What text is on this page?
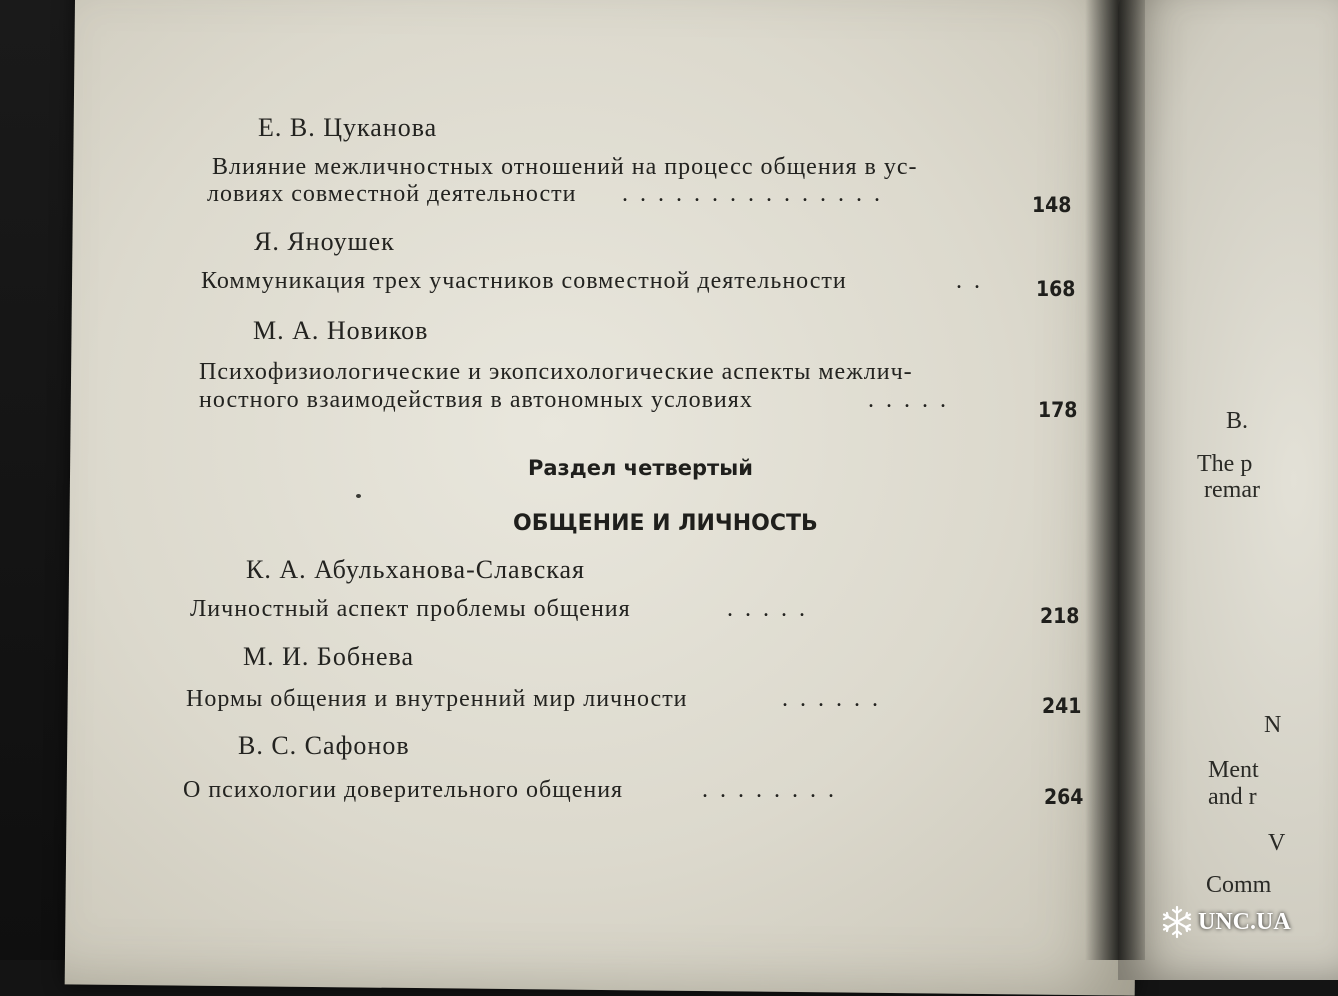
Е. В. Цуканова
Влияние межличностных отношений на процесс общения в ус-
ловиях совместной деятельности ...............	148
Я. Яноушек
Коммуникация трех участников совместной деятельности	.. 168
М. А. Новиков
Психофизиологические и экопсихологические аспекты межлич-
ностного взаимодействия в автономных условиях	.....	178
Раздел четвертый
ОБЩЕНИЕ И ЛИЧНОСТЬ
К. А. Абульханова-Славская
Личностный аспект проблемы общения	.....	218
М. И. Бобнева
Нормы общения и внутренний мир личности	......	241
В. С. Сафонов
О психологии доверительного общения	........	264
B.
The p
remar
N
Ment
and r
V
Comm
UNC.UA
